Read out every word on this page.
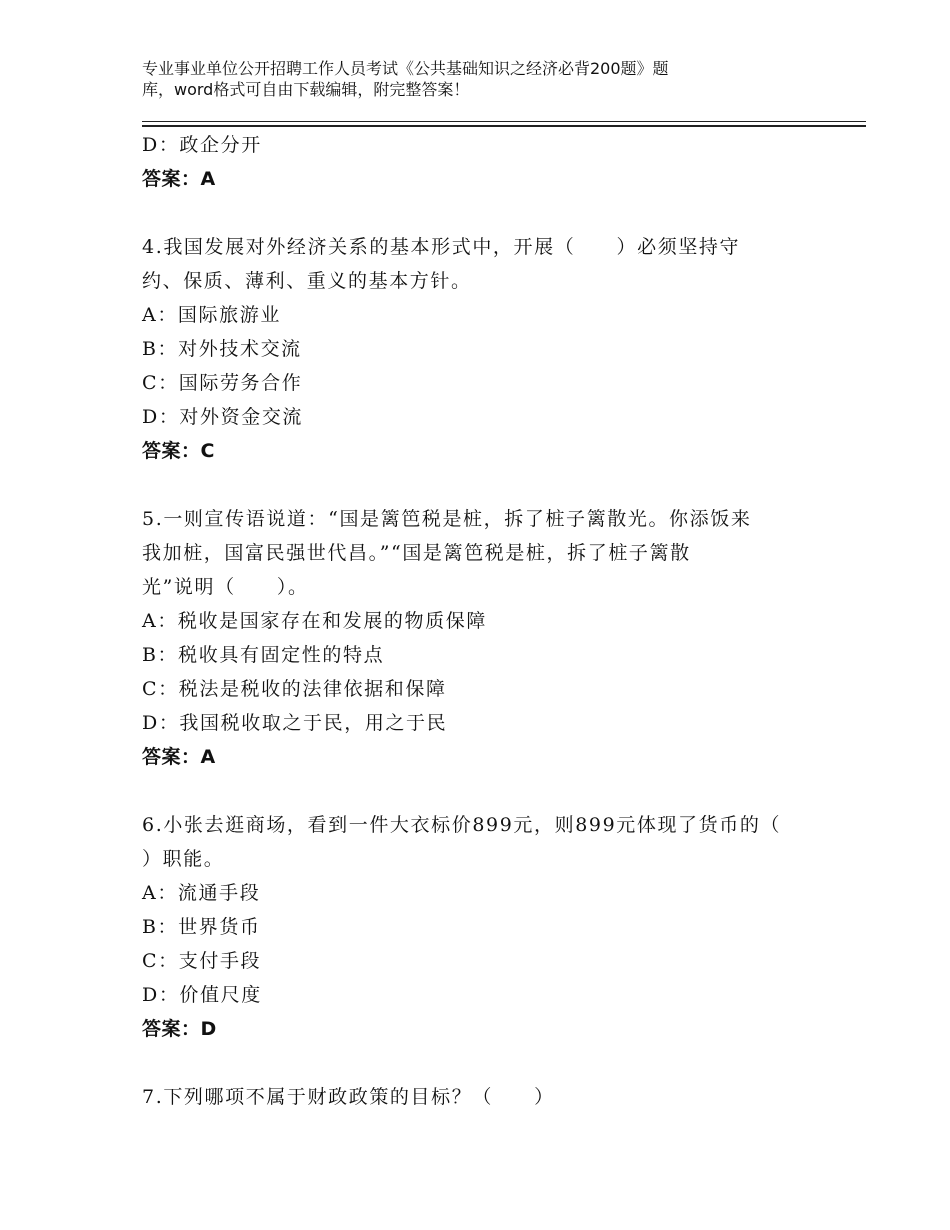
专业事业单位公开招聘工作人员考试《公共基础知识之经济必背200题》题
库，word格式可自由下载编辑，附完整答案！
D：政企分开
答案：A
4.我国发展对外经济关系的基本形式中，开展（　　）必须坚持守
约、保质、薄利、重义的基本方针。
A：国际旅游业
B：对外技术交流
C：国际劳务合作
D：对外资金交流
答案：C
5.一则宣传语说道：“国是篱笆税是桩，拆了桩子篱散光。你添饭来
我加桩，国富民强世代昌。”“国是篱笆税是桩，拆了桩子篱散
光”说明（　　）。
A：税收是国家存在和发展的物质保障
B：税收具有固定性的特点
C：税法是税收的法律依据和保障
D：我国税收取之于民，用之于民
答案：A
6.小张去逛商场，看到一件大衣标价899元，则899元体现了货币的（
）职能。
A：流通手段
B：世界货币
C：支付手段
D：价值尺度
答案：D
7.下列哪项不属于财政政策的目标？（　　）
